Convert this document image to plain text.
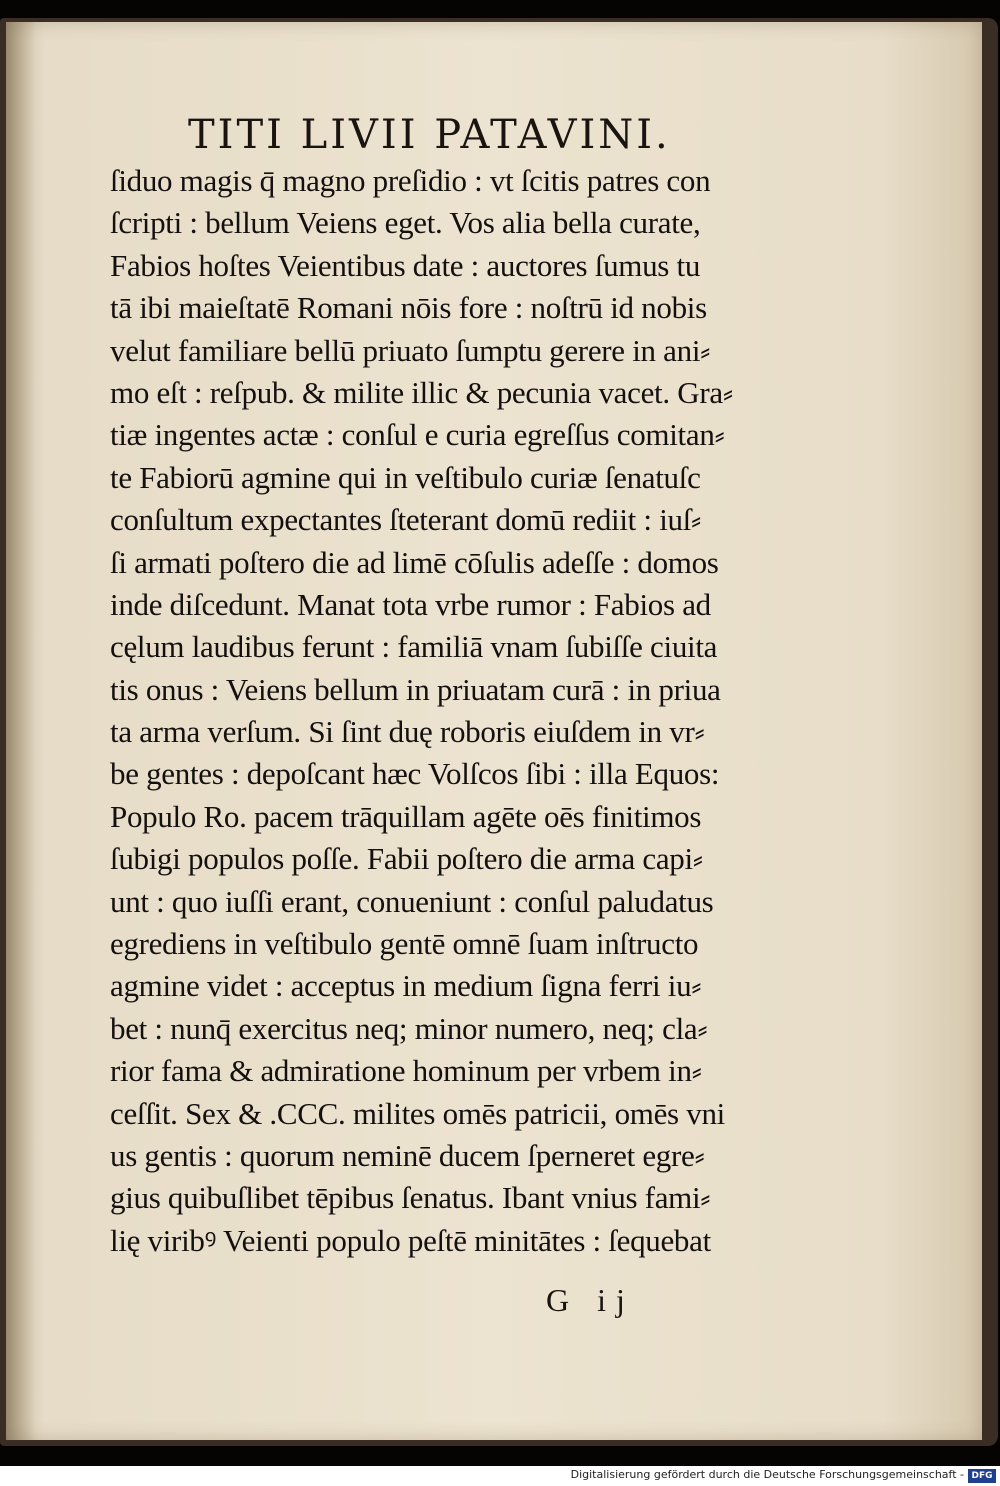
TITI LIVII PATAVINI.
ſiduo magis q̄ magno preſidio : vt ſcitis patres con
ſcripti : bellum Veiens eget. Vos alia bella curate,
Fabios hoſtes Veientibus date : auctores ſumus tu
tā ibi maieſtatē Romani nōis fore : noſtrū id nobis
velut familiare bellū priuato ſumptu gerere in ani⸗
mo eſt : reſpub. & milite illic & pecunia vacet. Gra⸗
tiæ ingentes actæ : conſul e curia egreſſus comitan⸗
te Fabiorū agmine qui in veſtibulo curiæ ſenatuſc
conſultum expectantes ſteterant domū rediit : iuſ⸗
ſi armati poſtero die ad limē cōſulis adeſſe : domos
inde diſcedunt. Manat tota vrbe rumor : Fabios ad
cęlum laudibus ferunt : familiā vnam ſubiſſe ciuita
tis onus : Veiens bellum in priuatam curā : in priua
ta arma verſum. Si ſint duę roboris eiuſdem in vr⸗
be gentes : depoſcant hæc Volſcos ſibi : illa Equos:
Populo Ro. pacem trāquillam agēte oēs finitimos
ſubigi populos poſſe. Fabii poſtero die arma capi⸗
unt : quo iuſſi erant, conueniunt : conſul paludatus
egrediens in veſtibulo gentē omnē ſuam inſtructo
agmine videt : acceptus in medium ſigna ferri iu⸗
bet : nunq̄ exercitus neq; minor numero, neq; cla⸗
rior fama & admiratione hominum per vrbem in⸗
ceſſit. Sex & .CCC. milites omēs patricii, omēs vni
us gentis : quorum neminē ducem ſperneret egre⸗
gius quibuſlibet tēpibus ſenatus. Ibant vnius fami⸗
lię viribꝰ Veienti populo peſtē minitātes : ſequebat
G ij
Digitalisierung gefördert durch die Deutsche Forschungsgemeinschaft - DFG
